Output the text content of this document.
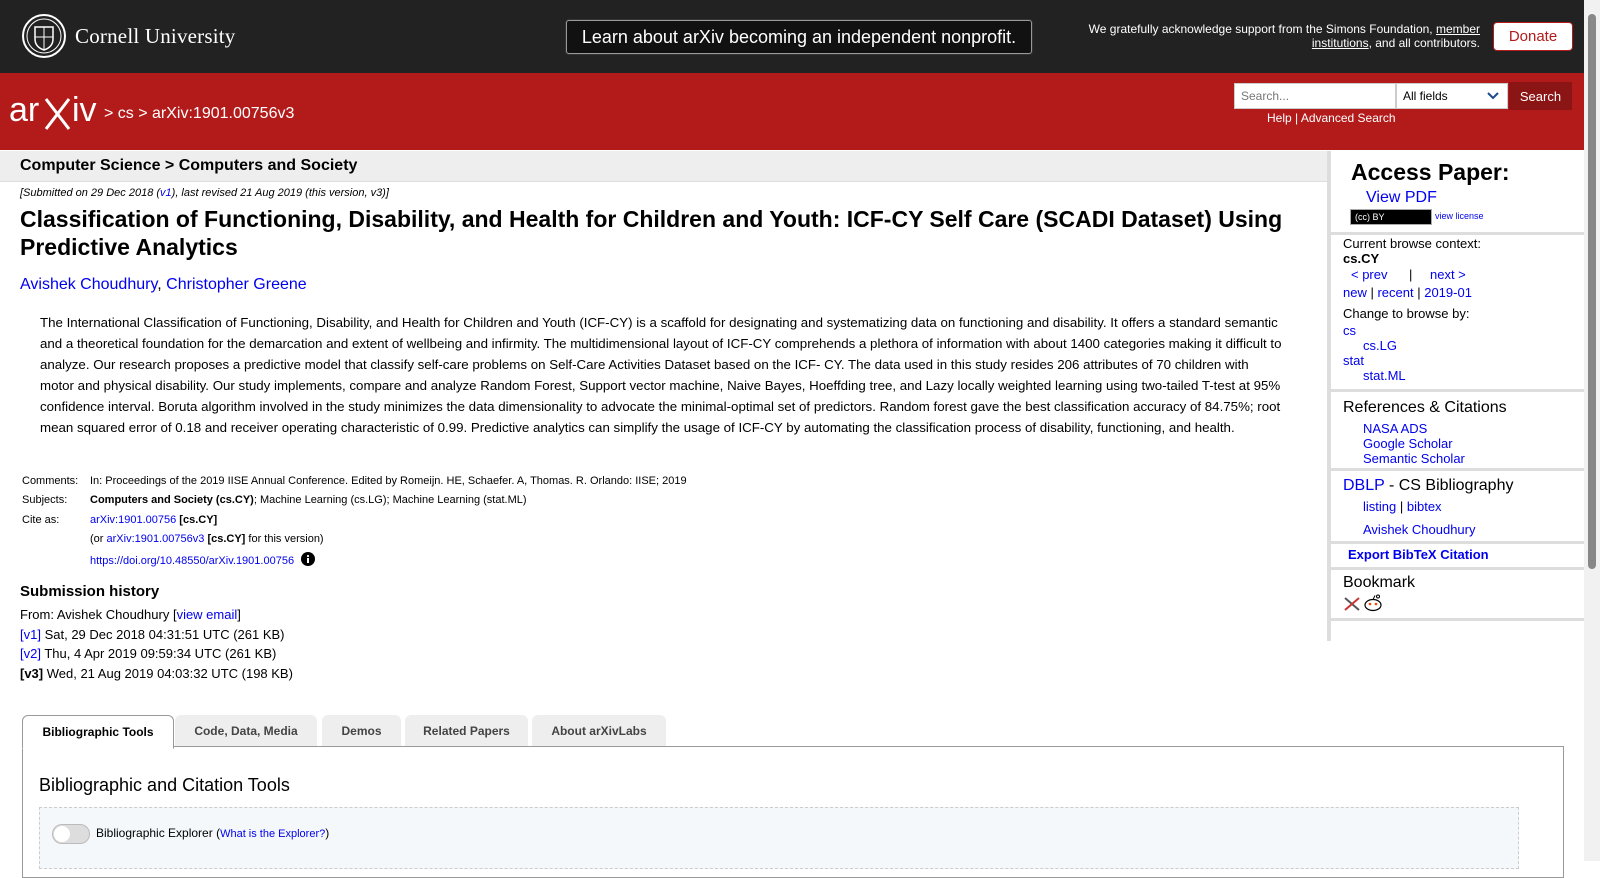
Cornell University	Learn about arXiv becoming an independent nonprofit.	We gratefully acknowledge support from the Simons Foundation, member institutions, and all contributors.	Donate
ar iv > cs > arXiv:1901.00756v3
Search...	All fields	Search
Help | Advanced Search
Computer Science > Computers and Society
[Submitted on 29 Dec 2018 (v1), last revised 21 Aug 2019 (this version, v3)]
Classification of Functioning, Disability, and Health for Children and Youth: ICF-CY Self Care (SCADI Dataset) Using Predictive Analytics
Avishek Choudhury, Christopher Greene
The International Classification of Functioning, Disability, and Health for Children and Youth (ICF-CY) is a scaffold for designating and systematizing data on functioning and disability. It offers a standard semantic and a theoretical foundation for the demarcation and extent of wellbeing and infirmity. The multidimensional layout of ICF-CY comprehends a plethora of information with about 1400 categories making it difficult to analyze. Our research proposes a predictive model that classify self-care problems on Self-Care Activities Dataset based on the ICF- CY. The data used in this study resides 206 attributes of 70 children with motor and physical disability. Our study implements, compare and analyze Random Forest, Support vector machine, Naive Bayes, Hoeffding tree, and Lazy locally weighted learning using two-tailed T-test at 95% confidence interval. Boruta algorithm involved in the study minimizes the data dimensionality to advocate the minimal-optimal set of predictors. Random forest gave the best classification accuracy of 84.75%; root mean squared error of 0.18 and receiver operating characteristic of 0.99. Predictive analytics can simplify the usage of ICF-CY by automating the classification process of disability, functioning, and health.
Comments:	In: Proceedings of the 2019 IISE Annual Conference. Edited by Romeijn. HE, Schaefer. A, Thomas. R. Orlando: IISE; 2019
Subjects:	Computers and Society (cs.CY); Machine Learning (cs.LG); Machine Learning (stat.ML)
Cite as:	arXiv:1901.00756 [cs.CY]
(or arXiv:1901.00756v3 [cs.CY] for this version)
https://doi.org/10.48550/arXiv.1901.00756
Submission history
From: Avishek Choudhury [view email]
[v1] Sat, 29 Dec 2018 04:31:51 UTC (261 KB)
[v2] Thu, 4 Apr 2019 09:59:34 UTC (261 KB)
[v3] Wed, 21 Aug 2019 04:03:32 UTC (198 KB)
Bibliographic Tools	Code, Data, Media	Demos	Related Papers	About arXivLabs
Bibliographic and Citation Tools
Bibliographic Explorer (What is the Explorer?)
Access Paper:
View PDF
(cc) BY	view license
Current browse context:
cs.CY
< prev | next >
new | recent | 2019-01
Change to browse by:
cs
cs.LG
stat
stat.ML
References & Citations
NASA ADS
Google Scholar
Semantic Scholar
DBLP - CS Bibliography
listing | bibtex
Avishek Choudhury
Export BibTeX Citation
Bookmark
